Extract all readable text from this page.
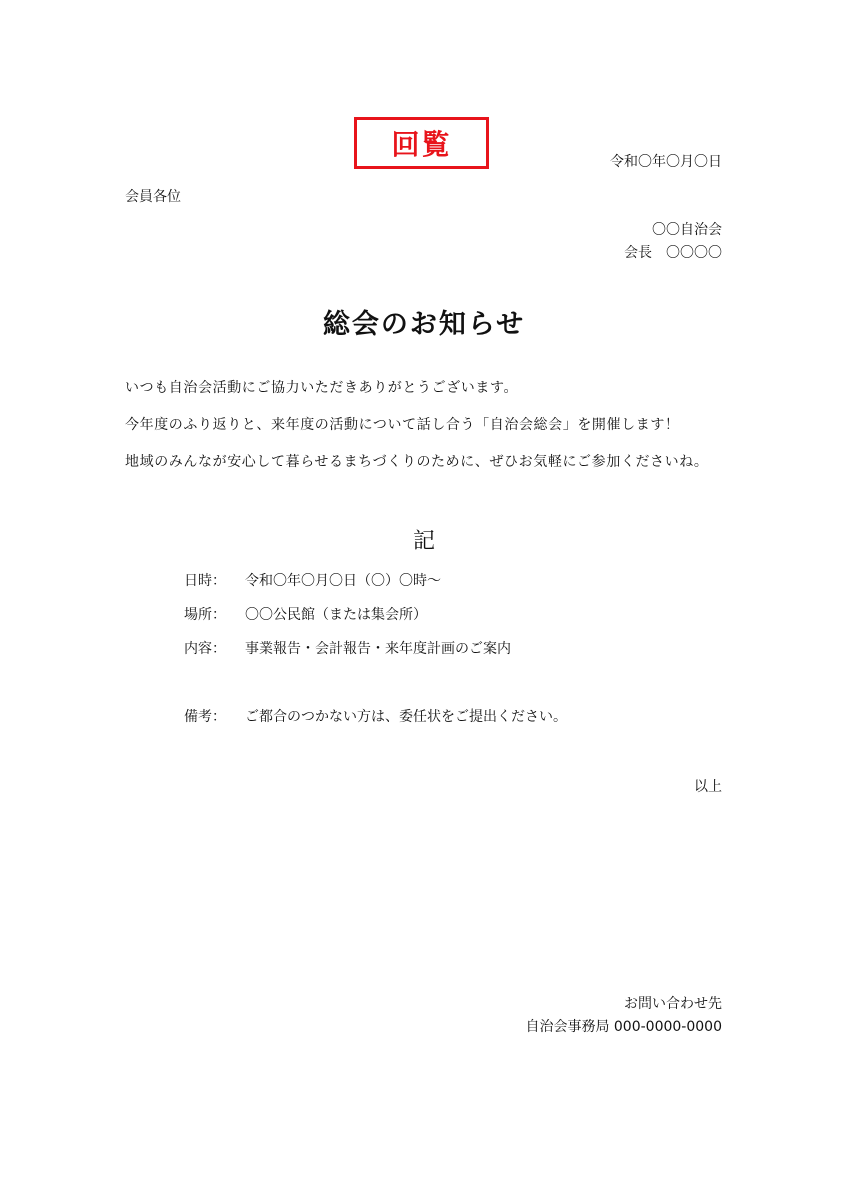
回覧
令和〇年〇月〇日
会員各位
〇〇自治会
会長　〇〇〇〇
総会のお知らせ
いつも自治会活動にご協力いただきありがとうございます。
今年度のふり返りと、来年度の活動について話し合う「自治会総会」を開催します！
地域のみんなが安心して暮らせるまちづくりのために、ぜひお気軽にご参加くださいね。
記
日時： 令和〇年〇月〇日（〇）〇時～
場所： 〇〇公民館（または集会所）
内容： 事業報告・会計報告・来年度計画のご案内
備考： ご都合のつかない方は、委任状をご提出ください。
以上
お問い合わせ先
自治会事務局 000-0000-0000
